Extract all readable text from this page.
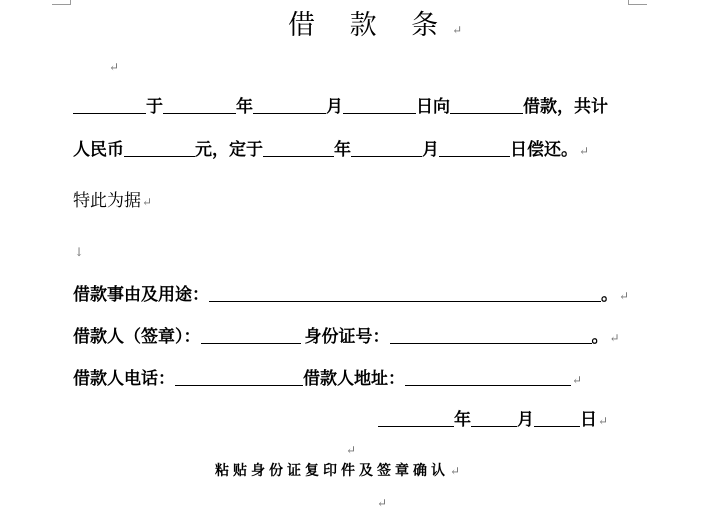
借 款 条↵
↵
于	年	月	日向	借款，共计
人民币	元，定于	年	月	日偿还。↵
特此为据↵
↓
借款事由及用途：	。↵
借款人（签章）：	身份证号：	。↵
借款人电话：	借款人地址：	↵
年	月	日↵
↵
粘贴身份证复印件及签章确认↵
↵
